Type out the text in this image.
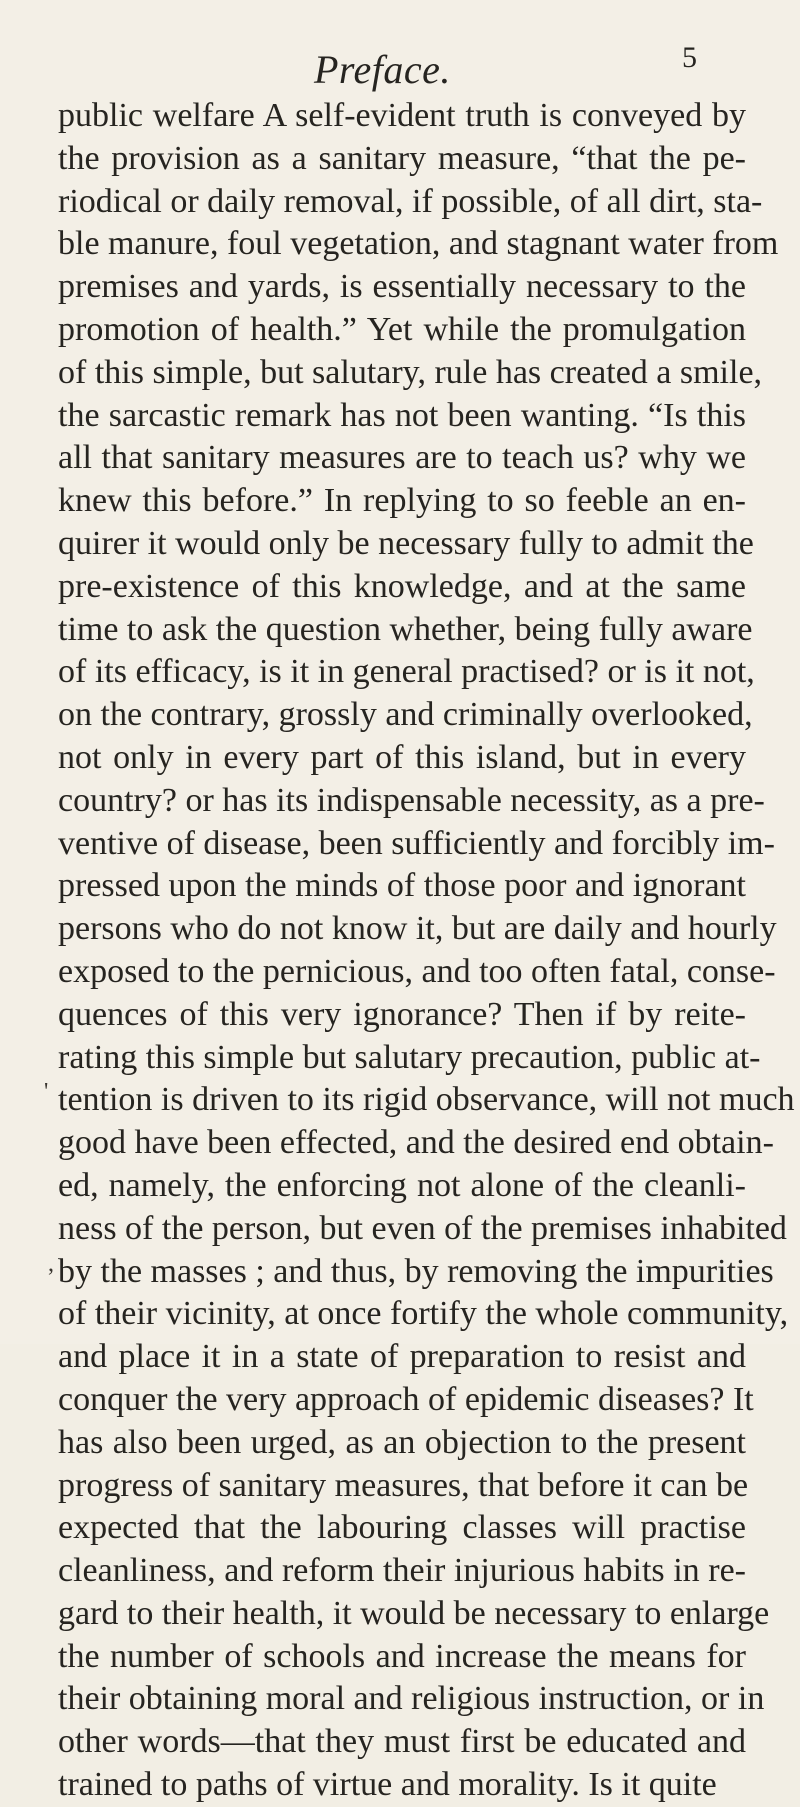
Preface.	5
public welfare A self-evident truth is conveyed by
the provision as a sanitary measure, “that the pe-
riodical or daily removal, if possible, of all dirt, sta-
ble manure, foul vegetation, and stagnant water from
premises and yards, is essentially necessary to the
promotion of health.” Yet while the promulgation
of this simple, but salutary, rule has created a smile,
the sarcastic remark has not been wanting. “Is this
all that sanitary measures are to teach us? why we
knew this before.” In replying to so feeble an en-
quirer it would only be necessary fully to admit the
pre-existence of this knowledge, and at the same
time to ask the question whether, being fully aware
of its efficacy, is it in general practised? or is it not,
on the contrary, grossly and criminally overlooked,
not only in every part of this island, but in every
country? or has its indispensable necessity, as a pre-
ventive of disease, been sufficiently and forcibly im-
pressed upon the minds of those poor and ignorant
persons who do not know it, but are daily and hourly
exposed to the pernicious, and too often fatal, conse-
quences of this very ignorance? Then if by reite-
rating this simple but salutary precaution, public at-
tention is driven to its rigid observance, will not much
good have been effected, and the desired end obtain-
ed, namely, the enforcing not alone of the cleanli-
ness of the person, but even of the premises inhabited
by the masses ; and thus, by removing the impurities
of their vicinity, at once fortify the whole community,
and place it in a state of preparation to resist and
conquer the very approach of epidemic diseases? It
has also been urged, as an objection to the present
progress of sanitary measures, that before it can be
expected that the labouring classes will practise
cleanliness, and reform their injurious habits in re-
gard to their health, it would be necessary to enlarge
the number of schools and increase the means for
their obtaining moral and religious instruction, or in
other words—that they must first be educated and
trained to paths of virtue and morality. Is it quite
'
,
